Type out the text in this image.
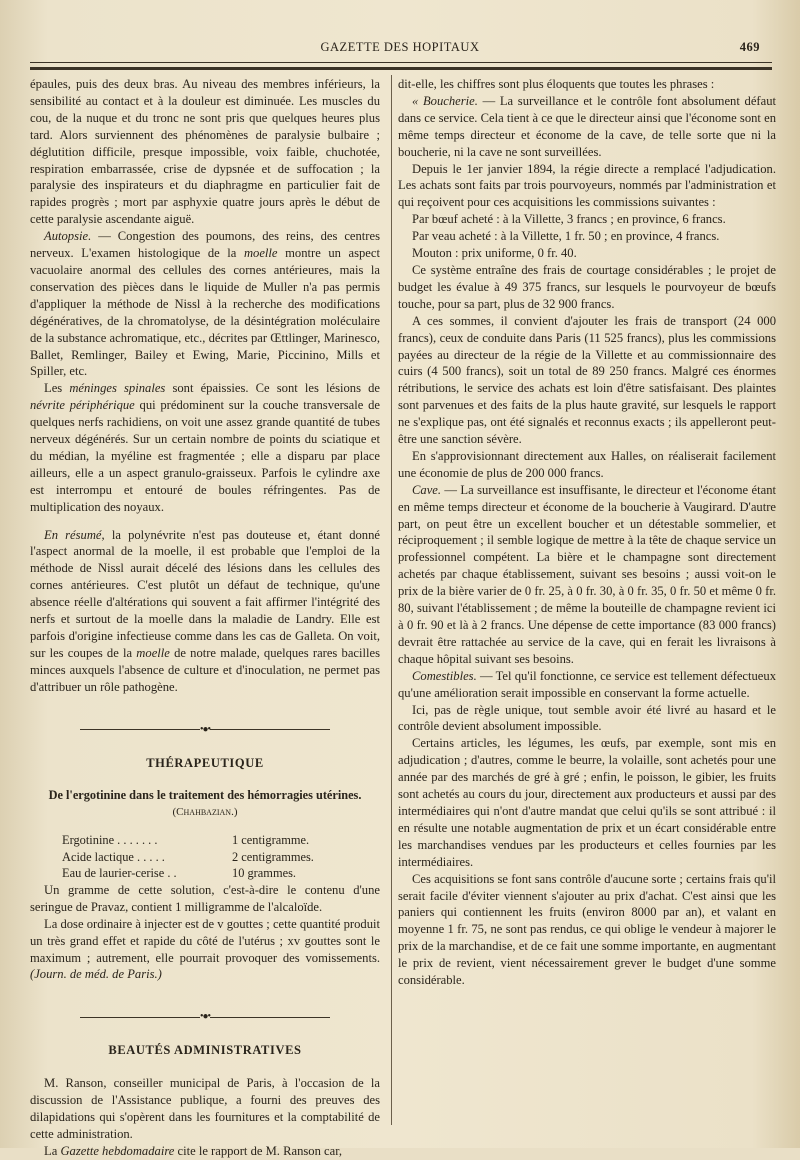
GAZETTE DES HOPITAUX	469

épaules, puis des deux bras. Au niveau des membres inférieurs, la sensibilité au contact et à la douleur est diminuée. Les muscles du cou, de la nuque et du tronc ne sont pris que quelques heures plus tard. Alors surviennent des phénomènes de paralysie bulbaire ; déglutition difficile, presque impossible, voix faible, chuchotée, respiration embarrassée, crise de dypsnée et de suffocation ; la paralysie des inspirateurs et du diaphragme en particulier fait de rapides progrès ; mort par asphyxie quatre jours après le début de cette paralysie ascendante aiguë.

Autopsie. — Congestion des poumons, des reins, des centres nerveux. L'examen histologique de la moelle montre un aspect vacuolaire anormal des cellules des cornes antérieures, mais la conservation des pièces dans le liquide de Muller n'a pas permis d'appliquer la méthode de Nissl à la recherche des modifications dégénératives, de la chromatolyse, de la désintégration moléculaire de la substance achromatique, etc., décrites par Œttlinger, Marinesco, Ballet, Remlinger, Bailey et Ewing, Marie, Piccinino, Mills et Spiller, etc.

Les méninges spinales sont épaissies. Ce sont les lésions de névrite périphérique qui prédominent sur la couche transversale de quelques nerfs rachidiens, on voit une assez grande quantité de tubes nerveux dégénérés. Sur un certain nombre de points du sciatique et du médian, la myéline est fragmentée ; elle a disparu par place ailleurs, elle a un aspect granulo-graisseux. Parfois le cylindre axe est interrompu et entouré de boules réfringentes. Pas de multiplication des noyaux.

En résumé, la polynévrite n'est pas douteuse et, étant donné l'aspect anormal de la moelle, il est probable que l'emploi de la méthode de Nissl aurait décelé des lésions dans les cellules des cornes antérieures. C'est plutôt un défaut de technique, qu'une absence réelle d'altérations qui souvent a fait affirmer l'intégrité des nerfs et surtout de la moelle dans la maladie de Landry. Elle est parfois d'origine infectieuse comme dans les cas de Galleta. On voit, sur les coupes de la moelle de notre malade, quelques rares bacilles minces auxquels l'absence de culture et d'inoculation, ne permet pas d'attribuer un rôle pathogène.

•●•
THÉRAPEUTIQUE
De l'ergotinine dans le traitement des hémorragies utérines. (Chahbazian.)
Ergotinine . . . . . . .	1 centigramme.
Acide lactique . . . . .	2 centigrammes.
Eau de laurier-cerise . .	10 grammes.

Un gramme de cette solution, c'est-à-dire le contenu d'une seringue de Pravaz, contient 1 milligramme de l'alcaloïde.

La dose ordinaire à injecter est de v gouttes ; cette quantité produit un très grand effet et rapide du côté de l'utérus ; xv gouttes sont le maximum ; autrement, elle pourrait provoquer des vomissements. (Journ. de méd. de Paris.)

•●•
BEAUTÉS ADMINISTRATIVES

M. Ranson, conseiller municipal de Paris, à l'occasion de la discussion de l'Assistance publique, a fourni des preuves des dilapidations qui s'opèrent dans les fournitures et la comptabilité de cette administration.

La Gazette hebdomadaire cite le rapport de M. Ranson car,

dit-elle, les chiffres sont plus éloquents que toutes les phrases :

« Boucherie. — La surveillance et le contrôle font absolument défaut dans ce service. Cela tient à ce que le directeur ainsi que l'économe sont en même temps directeur et économe de la cave, de telle sorte que ni la boucherie, ni la cave ne sont surveillées.

Depuis le 1er janvier 1894, la régie directe a remplacé l'adjudication. Les achats sont faits par trois pourvoyeurs, nommés par l'administration et qui reçoivent pour ces acquisitions les commissions suivantes :

Par bœuf acheté : à la Villette, 3 francs ; en province, 6 francs.

Par veau acheté : à la Villette, 1 fr. 50 ; en province, 4 francs.

Mouton : prix uniforme, 0 fr. 40.

Ce système entraîne des frais de courtage considérables ; le projet de budget les évalue à 49 375 francs, sur lesquels le pourvoyeur de bœufs touche, pour sa part, plus de 32 900 francs.

A ces sommes, il convient d'ajouter les frais de transport (24 000 francs), ceux de conduite dans Paris (11 525 francs), plus les commissions payées au directeur de la régie de la Villette et au commissionnaire des cuirs (4 500 francs), soit un total de 89 250 francs. Malgré ces énormes rétributions, le service des achats est loin d'être satisfaisant. Des plaintes sont parvenues et des faits de la plus haute gravité, sur lesquels le rapport ne s'explique pas, ont été signalés et reconnus exacts ; ils appelleront peut-être une sanction sévère.

En s'approvisionnant directement aux Halles, on réaliserait facilement une économie de plus de 200 000 francs.

Cave. — La surveillance est insuffisante, le directeur et l'économe étant en même temps directeur et économe de la boucherie à Vaugirard. D'autre part, on peut être un excellent boucher et un détestable sommelier, et réciproquement ; il semble logique de mettre à la tête de chaque service un professionnel compétent. La bière et le champagne sont directement achetés par chaque établissement, suivant ses besoins ; aussi voit-on le prix de la bière varier de 0 fr. 25, à 0 fr. 30, à 0 fr. 35, 0 fr. 50 et même 0 fr. 80, suivant l'établissement ; de même la bouteille de champagne revient ici à 0 fr. 90 et là à 2 francs. Une dépense de cette importance (83 000 francs) devrait être rattachée au service de la cave, qui en ferait les livraisons à chaque hôpital suivant ses besoins.

Comestibles. — Tel qu'il fonctionne, ce service est tellement défectueux qu'une amélioration serait impossible en conservant la forme actuelle.

Ici, pas de règle unique, tout semble avoir été livré au hasard et le contrôle devient absolument impossible.

Certains articles, les légumes, les œufs, par exemple, sont mis en adjudication ; d'autres, comme le beurre, la volaille, sont achetés pour une année par des marchés de gré à gré ; enfin, le poisson, le gibier, les fruits sont achetés au cours du jour, directement aux producteurs et aussi par des intermédiaires qui n'ont d'autre mandat que celui qu'ils se sont attribué : il en résulte une notable augmentation de prix et un écart considérable entre les marchandises vendues par les producteurs et celles fournies par les intermédiaires.

Ces acquisitions se font sans contrôle d'aucune sorte ; certains frais qu'il serait facile d'éviter viennent s'ajouter au prix d'achat. C'est ainsi que les paniers qui contiennent les fruits (environ 8000 par an), et valant en moyenne 1 fr. 75, ne sont pas rendus, ce qui oblige le vendeur à majorer le prix de la marchandise, et de ce fait une somme importante, en augmentant le prix de revient, vient nécessairement grever le budget d'une somme considérable.
